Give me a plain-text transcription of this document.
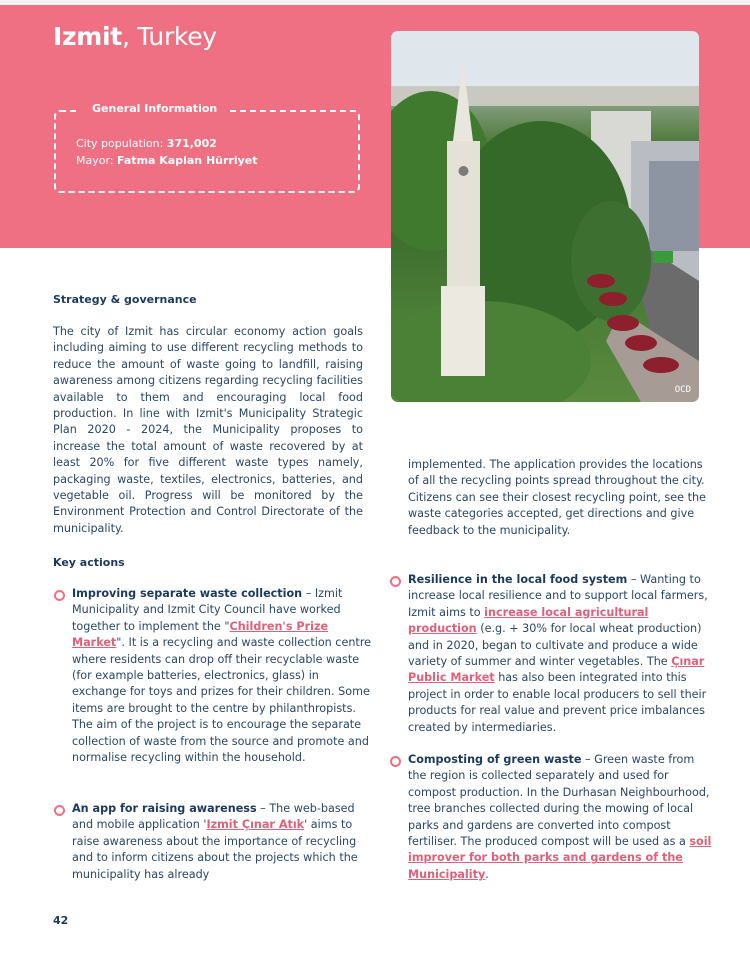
Izmit, Turkey
General Information
City population: 371,002
Mayor: Fatma Kaplan Hürriyet
OCD
Strategy & governance
The city of Izmit has circular economy action goals including aiming to use different recycling methods to reduce the amount of waste going to landfill, raising awareness among citizens regarding recycling facilities available to them and encouraging local food production. In line with Izmit's Municipality Strategic Plan 2020 - 2024, the Municipality proposes to increase the total amount of waste recovered by at least 20% for five different waste types namely, packaging waste, textiles, electronics, batteries, and vegetable oil. Progress will be monitored by the Environment Protection and Control Directorate of the municipality.
Key actions
Improving separate waste collection – Izmit Municipality and Izmit City Council have worked together to implement the "Children's Prize Market". It is a recycling and waste collection centre where residents can drop off their recyclable waste (for example batteries, electronics, glass) in exchange for toys and prizes for their children. Some items are brought to the centre by philanthropists. The aim of the project is to encourage the separate collection of waste from the source and promote and normalise recycling within the household.
An app for raising awareness – The web-based and mobile application 'Izmit Çınar Atık' aims to raise awareness about the importance of recycling and to inform citizens about the projects which the municipality has already
implemented. The application provides the locations of all the recycling points spread throughout the city. Citizens can see their closest recycling point, see the waste categories accepted, get directions and give feedback to the municipality.
Resilience in the local food system – Wanting to increase local resilience and to support local farmers, Izmit aims to increase local agricultural production (e.g. + 30% for local wheat production) and in 2020, began to cultivate and produce a wide variety of summer and winter vegetables. The Çınar Public Market has also been integrated into this project in order to enable local producers to sell their products for real value and prevent price imbalances created by intermediaries.
Composting of green waste – Green waste from the region is collected separately and used for compost production. In the Durhasan Neighbourhood, tree branches collected during the mowing of local parks and gardens are converted into compost fertiliser. The produced compost will be used as a soil improver for both parks and gardens of the Municipality.
42
